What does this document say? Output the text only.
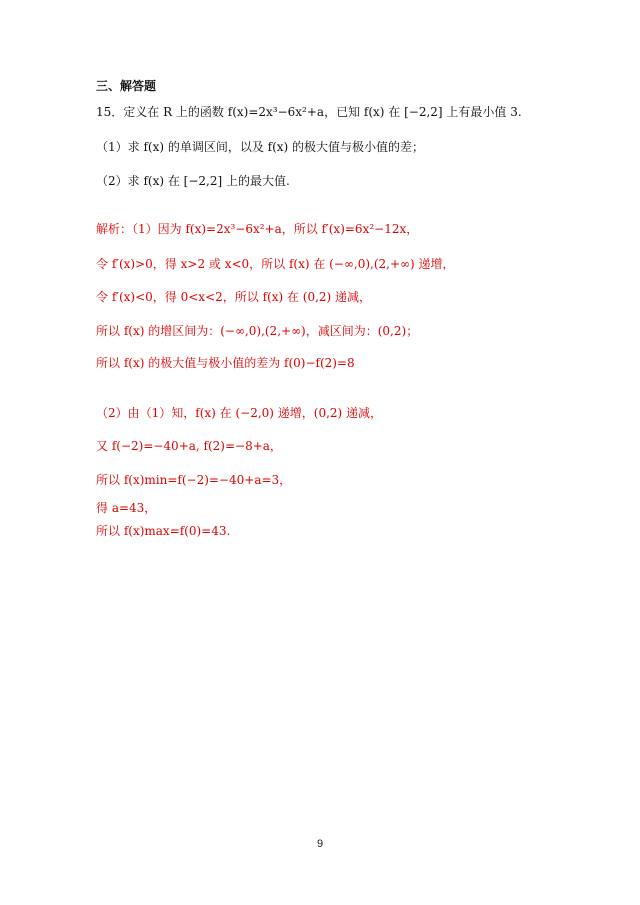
三、解答题
15．定义在 R 上的函数 f(x)=2x³−6x²+a，已知 f(x) 在 [−2,2] 上有最小值 3.
（1）求 f(x) 的单调区间，以及 f(x) 的极大值与极小值的差；
（2）求 f(x) 在 [−2,2] 上的最大值.
解析：（1）因为 f(x)=2x³−6x²+a，所以 f′(x)=6x²−12x，
令 f′(x)>0，得 x>2 或 x<0，所以 f(x) 在 (−∞,0),(2,+∞) 递增，
令 f′(x)<0，得 0<x<2，所以 f(x) 在 (0,2) 递减，
所以 f(x) 的增区间为：(−∞,0),(2,+∞)，减区间为：(0,2)；
所以 f(x) 的极大值与极小值的差为 f(0)−f(2)=8
（2）由（1）知，f(x) 在 (−2,0) 递增，(0,2) 递减，
又 f(−2)=−40+a, f(2)=−8+a，
所以 f(x)min=f(−2)=−40+a=3，
得 a=43，
所以 f(x)max=f(0)=43.
9
